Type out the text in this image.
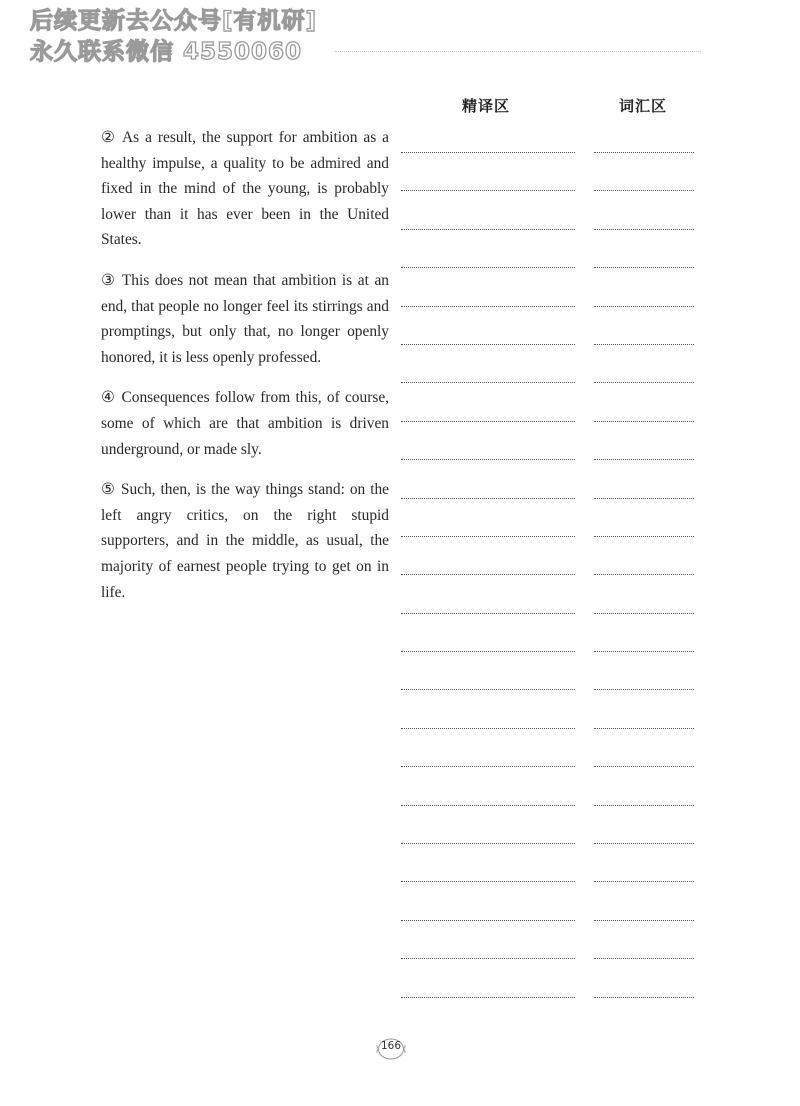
后续更新去公众号[有机研]
永久联系微信 4550060
精译区	词汇区

② As a result, the support for ambition as a healthy impulse, a quality to be admired and fixed in the mind of the young, is probably lower than it has ever been in the United States.

③ This does not mean that ambition is at an end, that people no longer feel its stirrings and promptings, but only that, no longer openly honored, it is less openly professed.

④ Consequences follow from this, of course, some of which are that ambition is driven underground, or made sly.

⑤ Such, then, is the way things stand: on the left angry critics, on the right stupid supporters, and in the middle, as usual, the majority of earnest people trying to get on in life.

166
